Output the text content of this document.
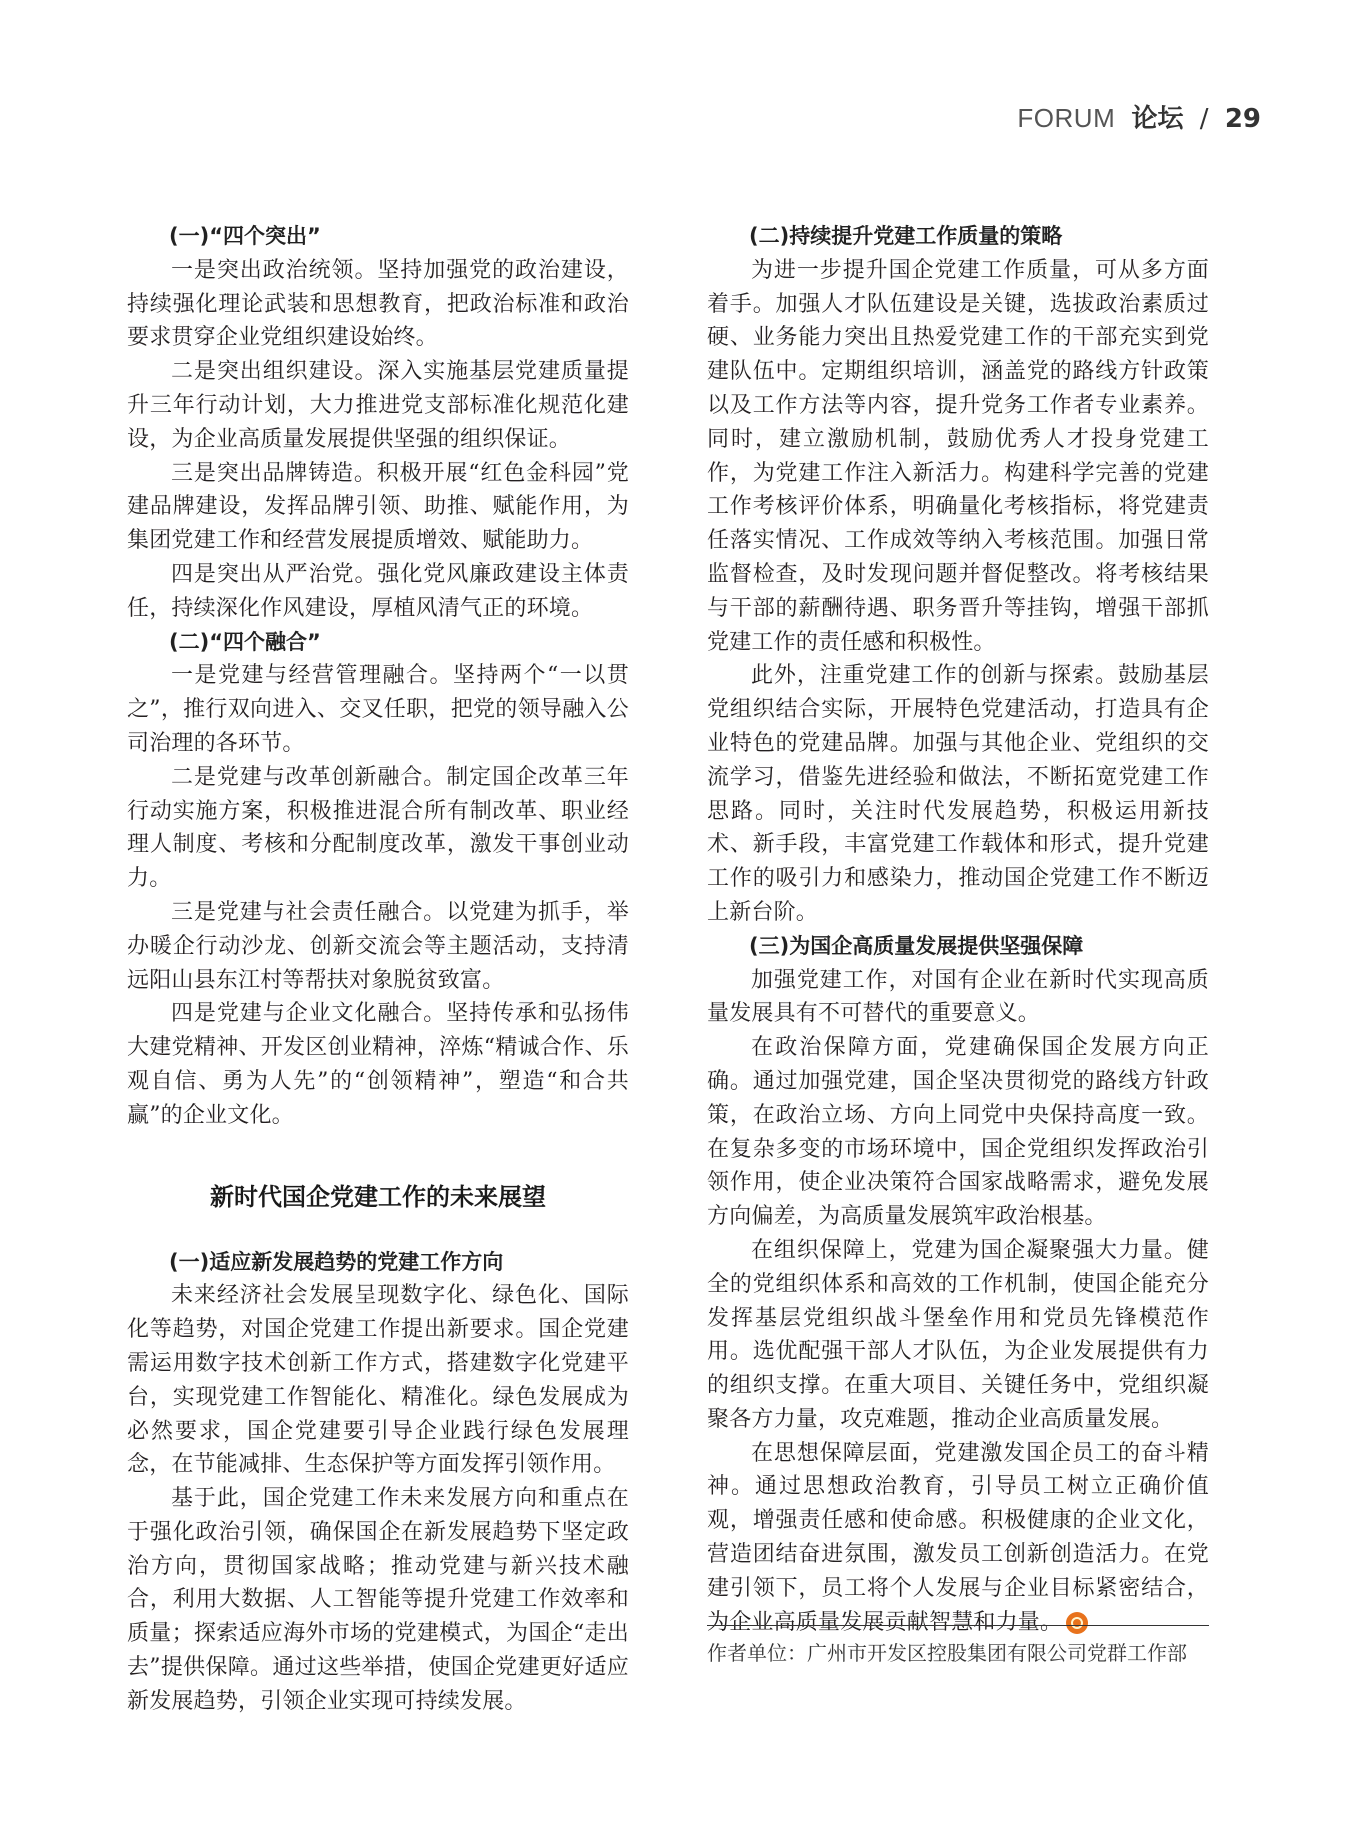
FORUM 论坛 / 29

(一)“四个突出”

一是突出政治统领。坚持加强党的政治建设，持续强化理论武装和思想教育，把政治标准和政治要求贯穿企业党组织建设始终。

二是突出组织建设。深入实施基层党建质量提升三年行动计划，大力推进党支部标准化规范化建设，为企业高质量发展提供坚强的组织保证。

三是突出品牌铸造。积极开展“红色金科园”党建品牌建设，发挥品牌引领、助推、赋能作用，为集团党建工作和经营发展提质增效、赋能助力。

四是突出从严治党。强化党风廉政建设主体责任，持续深化作风建设，厚植风清气正的环境。

(二)“四个融合”

一是党建与经营管理融合。坚持两个“一以贯之”，推行双向进入、交叉任职，把党的领导融入公司治理的各环节。

二是党建与改革创新融合。制定国企改革三年行动实施方案，积极推进混合所有制改革、职业经理人制度、考核和分配制度改革，激发干事创业动力。

三是党建与社会责任融合。以党建为抓手，举办暖企行动沙龙、创新交流会等主题活动，支持清远阳山县东江村等帮扶对象脱贫致富。

四是党建与企业文化融合。坚持传承和弘扬伟大建党精神、开发区创业精神，淬炼“精诚合作、乐观自信、勇为人先”的“创领精神”，塑造“和合共赢”的企业文化。

新时代国企党建工作的未来展望

(一)适应新发展趋势的党建工作方向

未来经济社会发展呈现数字化、绿色化、国际化等趋势，对国企党建工作提出新要求。国企党建需运用数字技术创新工作方式，搭建数字化党建平台，实现党建工作智能化、精准化。绿色发展成为必然要求，国企党建要引导企业践行绿色发展理念，在节能减排、生态保护等方面发挥引领作用。

基于此，国企党建工作未来发展方向和重点在于强化政治引领，确保国企在新发展趋势下坚定政治方向，贯彻国家战略；推动党建与新兴技术融合，利用大数据、人工智能等提升党建工作效率和质量；探索适应海外市场的党建模式，为国企“走出去”提供保障。通过这些举措，使国企党建更好适应新发展趋势，引领企业实现可持续发展。

(二)持续提升党建工作质量的策略

为进一步提升国企党建工作质量，可从多方面着手。加强人才队伍建设是关键，选拔政治素质过硬、业务能力突出且热爱党建工作的干部充实到党建队伍中。定期组织培训，涵盖党的路线方针政策以及工作方法等内容，提升党务工作者专业素养。同时，建立激励机制，鼓励优秀人才投身党建工作，为党建工作注入新活力。构建科学完善的党建工作考核评价体系，明确量化考核指标，将党建责任落实情况、工作成效等纳入考核范围。加强日常监督检查，及时发现问题并督促整改。将考核结果与干部的薪酬待遇、职务晋升等挂钩，增强干部抓党建工作的责任感和积极性。

此外，注重党建工作的创新与探索。鼓励基层党组织结合实际，开展特色党建活动，打造具有企业特色的党建品牌。加强与其他企业、党组织的交流学习，借鉴先进经验和做法，不断拓宽党建工作思路。同时，关注时代发展趋势，积极运用新技术、新手段，丰富党建工作载体和形式，提升党建工作的吸引力和感染力，推动国企党建工作不断迈上新台阶。

(三)为国企高质量发展提供坚强保障

加强党建工作，对国有企业在新时代实现高质量发展具有不可替代的重要意义。

在政治保障方面，党建确保国企发展方向正确。通过加强党建，国企坚决贯彻党的路线方针政策，在政治立场、方向上同党中央保持高度一致。在复杂多变的市场环境中，国企党组织发挥政治引领作用，使企业决策符合国家战略需求，避免发展方向偏差，为高质量发展筑牢政治根基。

在组织保障上，党建为国企凝聚强大力量。健全的党组织体系和高效的工作机制，使国企能充分发挥基层党组织战斗堡垒作用和党员先锋模范作用。选优配强干部人才队伍，为企业发展提供有力的组织支撑。在重大项目、关键任务中，党组织凝聚各方力量，攻克难题，推动企业高质量发展。

在思想保障层面，党建激发国企员工的奋斗精神。通过思想政治教育，引导员工树立正确价值观，增强责任感和使命感。积极健康的企业文化，营造团结奋进氛围，激发员工创新创造活力。在党建引领下，员工将个人发展与企业目标紧密结合，为企业高质量发展贡献智慧和力量。

作者单位：广州市开发区控股集团有限公司党群工作部
